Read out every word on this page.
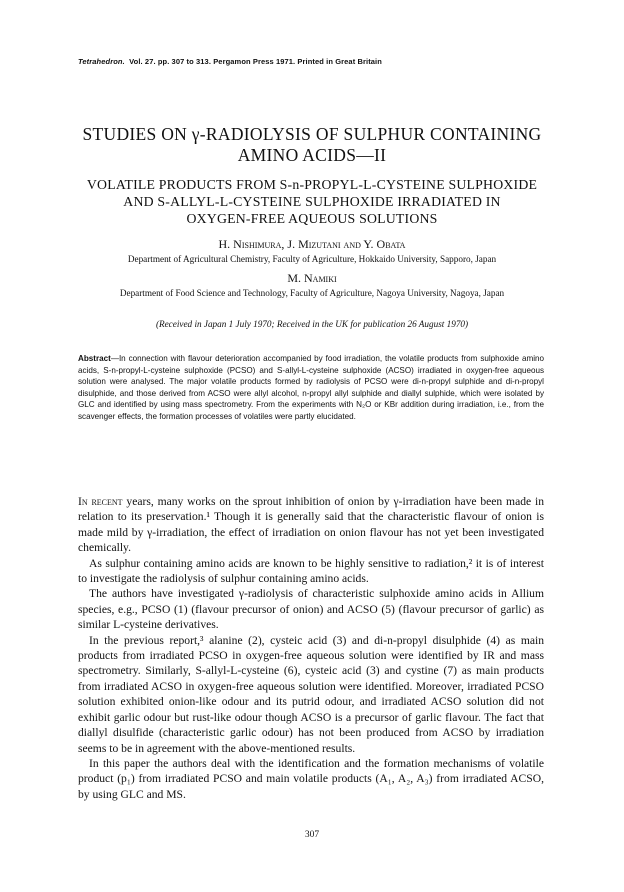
Tetrahedron. Vol. 27. pp. 307 to 313. Pergamon Press 1971. Printed in Great Britain
STUDIES ON γ-RADIOLYSIS OF SULPHUR CONTAINING
AMINO ACIDS—II
VOLATILE PRODUCTS FROM S-n-PROPYL-L-CYSTEINE SULPHOXIDE
AND S-ALLYL-L-CYSTEINE SULPHOXIDE IRRADIATED IN
OXYGEN-FREE AQUEOUS SOLUTIONS
H. Nishimura, J. Mizutani and Y. Obata
Department of Agricultural Chemistry, Faculty of Agriculture, Hokkaido University, Sapporo, Japan
M. Namiki
Department of Food Science and Technology, Faculty of Agriculture, Nagoya University, Nagoya, Japan
(Received in Japan 1 July 1970; Received in the UK for publication 26 August 1970)
Abstract—In connection with flavour deterioration accompanied by food irradiation, the volatile products from sulphoxide amino acids, S-n-propyl-L-cysteine sulphoxide (PCSO) and S-allyl-L-cysteine sulphoxide (ACSO) irradiated in oxygen-free aqueous solution were analysed. The major volatile products formed by radiolysis of PCSO were di-n-propyl sulphide and di-n-propyl disulphide, and those derived from ACSO were allyl alcohol, n-propyl allyl sulphide and diallyl sulphide, which were isolated by GLC and identified by using mass spectrometry. From the experiments with N₂O or KBr addition during irradiation, i.e., from the scavenger effects, the formation processes of volatiles were partly elucidated.

In recent years, many works on the sprout inhibition of onion by γ-irradiation have been made in relation to its preservation.¹ Though it is generally said that the characteristic flavour of onion is made mild by γ-irradiation, the effect of irradiation on onion flavour has not yet been investigated chemically.

As sulphur containing amino acids are known to be highly sensitive to radiation,² it is of interest to investigate the radiolysis of sulphur containing amino acids.

The authors have investigated γ-radiolysis of characteristic sulphoxide amino acids in Allium species, e.g., PCSO (1) (flavour precursor of onion) and ACSO (5) (flavour precursor of garlic) as similar L-cysteine derivatives.

In the previous report,³ alanine (2), cysteic acid (3) and di-n-propyl disulphide (4) as main products from irradiated PCSO in oxygen-free aqueous solution were identified by IR and mass spectrometry. Similarly, S-allyl-L-cysteine (6), cysteic acid (3) and cystine (7) as main products from irradiated ACSO in oxygen-free aqueous solution were identified. Moreover, irradiated PCSO solution exhibited onion-like odour and its putrid odour, and irradiated ACSO solution did not exhibit garlic odour but rust-like odour though ACSO is a precursor of garlic flavour. The fact that diallyl disulfide (characteristic garlic odour) has not been produced from ACSO by irradiation seems to be in agreement with the above-mentioned results.

In this paper the authors deal with the identification and the formation mechanisms of volatile product (p₁) from irradiated PCSO and main volatile products (A₁, A₂, A₃) from irradiated ACSO, by using GLC and MS.

307
